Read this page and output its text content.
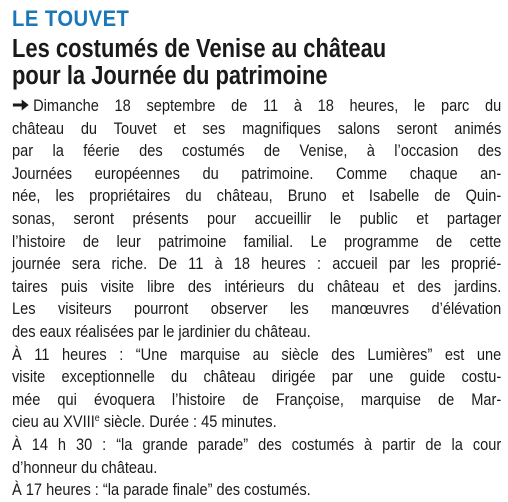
LE TOUVET
Les costumés de Venise au château
pour la Journée du patrimoine
Dimanche 18 septembre de 11 à 18 heures, le parc du
château du Touvet et ses magnifiques salons seront animés
par la féerie des costumés de Venise, à l’occasion des
Journées européennes du patrimoine. Comme chaque an-
née, les propriétaires du château, Bruno et Isabelle de Quin-
sonas, seront présents pour accueillir le public et partager
l’histoire de leur patrimoine familial. Le programme de cette
journée sera riche. De 11 à 18 heures : accueil par les proprié-
taires puis visite libre des intérieurs du château et des jardins.
Les visiteurs pourront observer les manœuvres d’élévation
des eaux réalisées par le jardinier du château.
À 11 heures : “Une marquise au siècle des Lumières” est une
visite exceptionnelle du château dirigée par une guide costu-
mée qui évoquera l’histoire de Françoise, marquise de Mar-
cieu au XVIIIe siècle. Durée : 45 minutes.
À 14 h 30 : “la grande parade” des costumés à partir de la cour
d’honneur du château.
À 17 heures : “la parade finale” des costumés.
